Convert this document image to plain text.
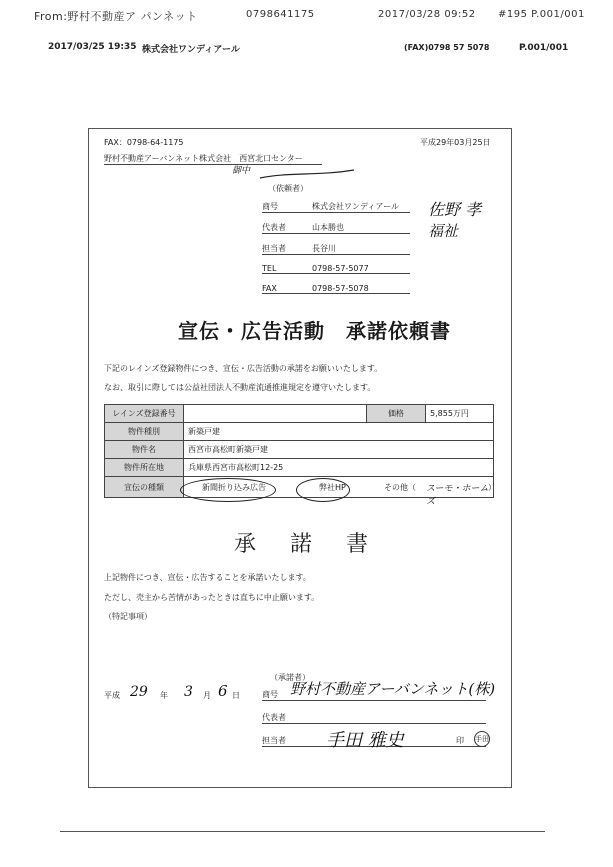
From:野村不動産ア パンネット	0798641175	2017/03/28 09:52 #195 P.001/001
2017/03/25 19:35 株式会社ワンディアール	(FAX)0798 57 5078	P.001/001
FAX：0798-64-1175	平成29年03月25日
野村不動産アーバンネット株式会社　西宮北口センター
御中
（依頼者）
商号	株式会社ワンディアール
代表者	山本勝也
担当者	長谷川
TEL	0798-57-5077
FAX	0798-57-5078
佐野 孝
福祉
宣伝・広告活動　承諾依頼書
下記のレインズ登録物件につき、宣伝・広告活動の承諾をお願いいたします。
なお、取引に際しては公益社団法人不動産流通推進規定を遵守いたします。
レインズ登録番号		価格	5,855万円
物件種別	新築戸建		
物件名	西宮市高松町新築戸建		
物件所在地	兵庫県西宮市高松町12-25		
宣伝の種類	新聞折り込み広告 弊社HP その他（ スーモ・ホームズ
）		
承諾書
上記物件につき、宣伝・広告することを承諾いたします。
ただし、売主から苦情があったときは直ちに中止願います。
（特記事項）
平成 29 年 3 月 6 日
（承諾者）
商号 野村不動産アーバンネット(株)
代表者
担当者	手田 雅史	印 手田
